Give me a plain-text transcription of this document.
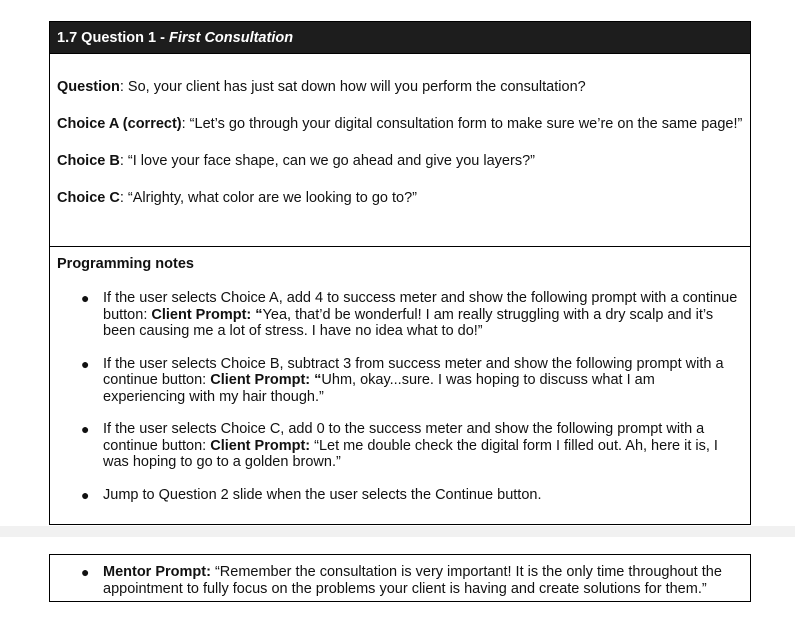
1.7 Question 1 - First Consultation

Question: So, your client has just sat down how will you perform the consultation?

Choice A (correct): “Let’s go through your digital consultation form to make sure we’re on the same page!”

Choice B: “I love your face shape, can we go ahead and give you layers?”

Choice C: “Alrighty, what color are we looking to go to?”

Programming notes
● If the user selects Choice A, add 4 to success meter and show the following prompt with a continue button: Client Prompt: “Yea, that’d be wonderful! I am really struggling with a dry scalp and it’s been causing me a lot of stress. I have no idea what to do!”
● If the user selects Choice B, subtract 3 from success meter and show the following prompt with a continue button: Client Prompt: “Uhm, okay...sure. I was hoping to discuss what I am experiencing with my hair though.”
● If the user selects Choice C, add 0 to the success meter and show the following prompt with a continue button: Client Prompt: “Let me double check the digital form I filled out. Ah, here it is, I was hoping to go to a golden brown.”
● Jump to Question 2 slide when the user selects the Continue button.
● Mentor Prompt: “Remember the consultation is very important! It is the only time throughout the appointment to fully focus on the problems your client is having and create solutions for them.”
